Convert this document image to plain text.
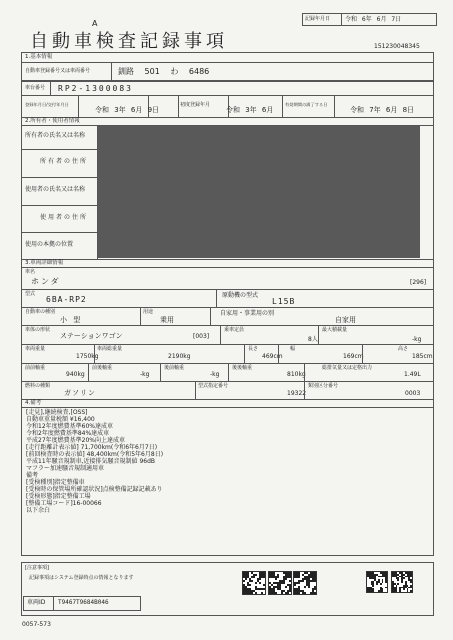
A
自動車検査記録事項
記録年月日 令和 6年 6月 7日
151230048345
1.基本情報
自動車登録番号又は車両番号	釧路 501 わ 6486
車台番号 RP2-1300083
登録年月日/交付年月日
令和 3年 6月 9日
初度登録年月
令和 3年 6月
有効期間の満了する日
令和 7年 6月 8日
2.所有者・使用者情報
所有者の氏名又は名称
所有者の住所
使用者の氏名又は名称
使用者の住所
使用の本拠の位置
3.車両詳細情報
車名
ホンダ	[296]
型式
6BA-RP2	原動機の型式
L15B
自動車の種別
小 型
用途
乗用
自家用・事業用の別
自家用
車体の形状
ステーションワゴン	[003]
乗車定員
8人
最大積載量
-kg
車両重量
1750kg
車両総重量
2190kg
長さ
469cm
幅
169cm
高さ
185cm
前前軸重
940kg
前後軸重
-kg
後前軸重
-kg
後後軸重
810kg
総排気量又は定格出力
1.49L
燃料の種類
ガソリン
型式指定番号
19322
類別区分番号
0003
4.備考
[走見],継続検査,[OSS]
自動車重量税額 ¥16,400
令和12年度燃費基準60%達成車
令和2年度燃費基準84%達成車
平成27年度燃費基準20%向上達成車
[走行距離計表示値] 71,700km(令和6年6月7日)
[前回検査時の表示値] 48,400km(令和5年6月8日)
平成11年騒音規制車,近接排気騒音規制値 96dB
マフラー加速騒音規制適用車
備考
[受検種別]指定整備車
[受検時の保管場所確認状況]点検整備記録記載あり
[受検形態]指定整備工場
[整備工場コード]16-00066
以下余白
[注意事項]
記録事項はシステム登録時点の情報となります
車両ID T9467T9684B046
0057-573
